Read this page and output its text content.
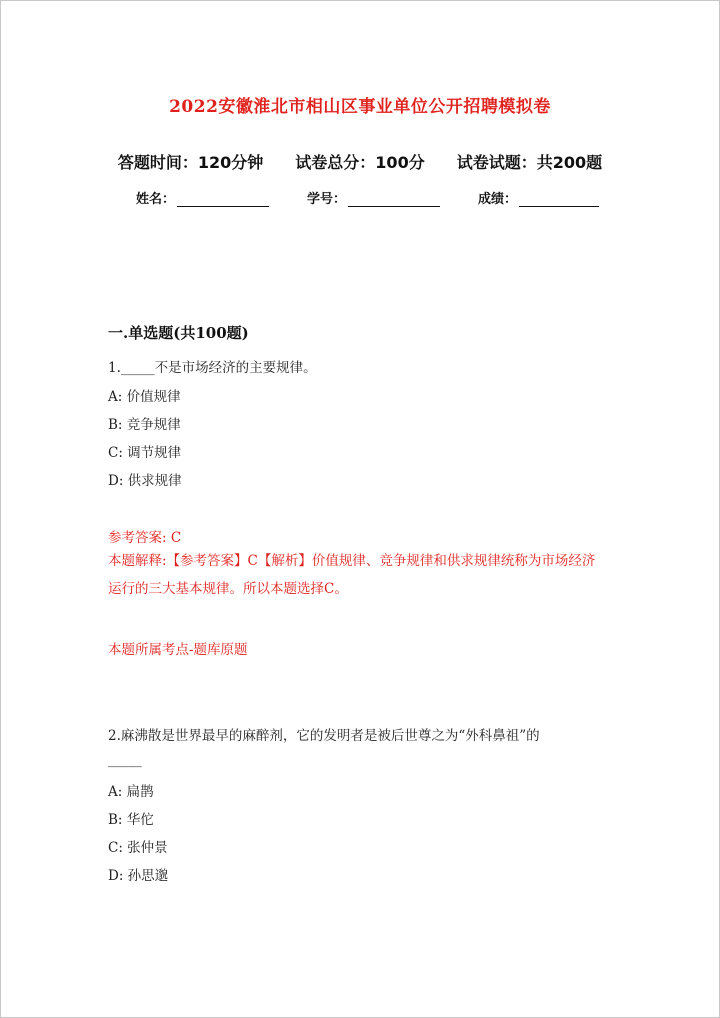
2022安徽淮北市相山区事业单位公开招聘模拟卷
答题时间：120分钟 试卷总分：100分 试卷试题：共200题
姓名：	学号：	成绩：
一.单选题(共100题)
1._____不是市场经济的主要规律。
A: 价值规律
B: 竞争规律
C: 调节规律
D: 供求规律
参考答案: C
本题解释:【参考答案】C【解析】价值规律、竞争规律和供求规律统称为市场经济运行的三大基本规律。所以本题选择C。
本题所属考点-题库原题
2.麻沸散是世界最早的麻醉剂，它的发明者是被后世尊之为“外科鼻祖”的
_____
A: 扁鹊
B: 华佗
C: 张仲景
D: 孙思邈
